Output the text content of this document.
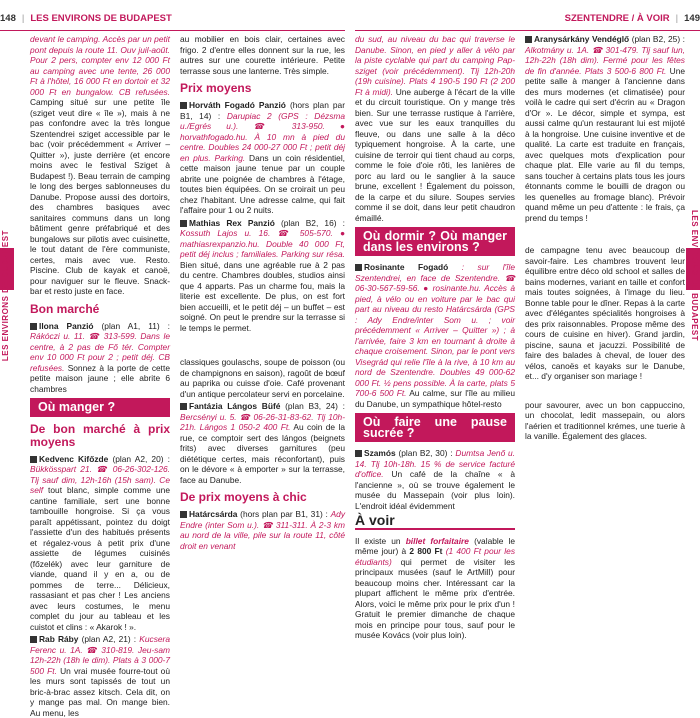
148 | LES ENVIRONS DE BUDAPEST	SZENTENDRE / À VOIR | 149
LES ENVIRONS DE BUDAPEST	LES ENVIRONS DE BUDAPEST

devant le camping. Accès par un petit pont depuis la route 11. Ouv juil-août. Pour 2 pers, compter env 12 000 Ft au camping avec une tente, 26 000 Ft à l'hôtel, 16 000 Ft en dortoir et 32 000 Ft en bungalow. CB refusées. Camping situé sur une petite île (sziget veut dire « île »), mais à ne pas confondre avec la très longue Szentendrei sziget accessible par le bac (voir précédemment « Arriver – Quitter »), juste derrière (et encore moins avec le festival Sziget à Budapest !). Beau terrain de camping le long des berges sablonneuses du Danube. Propose aussi des dortoirs, des chambres basiques avec sanitaires communs dans un long bâtiment genre préfabriqué et des bungalows sur pilotis avec cuisinette, le tout datant de l'ère communiste, certes, mais avec vue. Resto. Piscine. Club de kayak et canoë, pour naviguer sur le fleuve. Snack-bar et resto juste en face.

Bon marché

Ilona Panzió (plan A1, 11) : Rákóczi u. 11. ☎ 313-599. Dans le centre, à 2 pas de Fő tér. Compter env 10 000 Ft pour 2 ; petit déj. CB refusées. Sonnez à la porte de cette petite maison jaune ; elle abrite 6 chambres

Où manger ?
De bon marché à prix moyens

Kedvenc Kifőzde (plan A2, 20) : Bükkösspart 21. ☎ 06-26-302-126. Tlj sauf dim, 12h-16h (15h sam). Ce self tout blanc, simple comme une cantine familiale, sert une bonne tambouille hongroise. Si ça vous paraît appétissant, pointez du doigt l'assiette d'un des habitués présents et régalez-vous à petit prix d'une assiette de légumes cuisinés (főzelék) avec leur garniture de viande, quand il y en a, ou de pommes de terre... Délicieux, rassasiant et pas cher ! Les anciens avec leurs costumes, le menu complet du jour au tableau et les cuistot et clins : « Akarok ! ».

Rab Ráby (plan A2, 21) : Kucsera Ferenc u. 1A. ☎ 310-819. Jeu-sam 12h-22h (18h le dim). Plats à 3 000-7 500 Ft. Un vrai musée fourre-tout où les murs sont tapissés de tout un bric-à-brac assez kitsch. Cela dit, on y mange pas mal. On mange bien. Au menu, les

au mobilier en bois clair, certaines avec frigo. 2 d'entre elles donnent sur la rue, les autres sur une courette intérieure. Petite terrasse sous une lanterne. Très simple.

Prix moyens

Horváth Fogadó Panzió (hors plan par B1, 14) : Darupiac 2 (GPS : Dézsma u./Egrés u.). ☎ 313-950. ● horvathfogado.hu. À 10 mn à pied du centre. Doubles 24 000-27 000 Ft ; petit déj en plus. Parking. Dans un coin résidentiel, cette maison jaune tenue par un couple abrite une poignée de chambres à l'étage, toutes bien équipées. On se croirait un peu chez l'habitant. Une adresse calme, qui fait l'affaire pour 1 ou 2 nuits.

Mathias Rex Panzió (plan B2, 16) : Kossuth Lajos u. 16. ☎ 505-570. ● mathiasrexpanzio.hu. Double 40 000 Ft, petit déj inclus ; familiales. Parking sur résa. Bien situé, dans une agréable rue à 2 pas du centre. Chambres doubles, studios ainsi que 4 apparts. Pas un charme fou, mais la literie est excellente. De plus, on est fort bien accueilli, et le petit déj – un buffet – est soigné. On peut le prendre sur la terrasse si le temps le permet.

classiques goulaschs, soupe de poisson (ou de champignons en saison), ragoût de bœuf au paprika ou cuisse d'oie. Café provenant d'un antique percolateur servi en porcelaine.

Fantázia Lángos Büfé (plan B3, 24) : Bercsényi u. 5. ☎ 06-26-31-83-62. Tlj 10h-21h. Lángos 1 050-2 400 Ft. Au coin de la rue, ce comptoir sert des lángos (beignets frits) avec diverses garnitures (peu diététique certes, mais réconfortant), puis on le dévore « à emporter » sur la terrasse, face au Danube.

De prix moyens à chic

Határcsárda (hors plan par B1, 31) : Ady Endre (inter Som u.). ☎ 311-311. À 2-3 km au nord de la ville, pile sur la route 11, côté droit en venant

du sud, au niveau du bac qui traverse le Danube. Sinon, en pied y aller à vélo par la piste cyclable qui part du camping Pap-sziget (voir précédemment). Tlj 12h-20h (19h cuisine). Plats 4 190-5 190 Ft (2 200 Ft à midi). Une auberge à l'écart de la ville et du circuit touristique. On y mange très bien. Sur une terrasse rustique à l'arrière, avec vue sur les eaux tranquilles du fleuve, ou dans une salle à la déco typiquement hongroise. À la carte, une cuisine de terroir qui tient chaud au corps, comme le foie d'oie rôti, les lanières de porc au lard ou le sanglier à la sauce brune, excellent ! Également du poisson, de la carpe et du silure. Soupes servies comme il se doit, dans leur petit chaudron émaillé.

Où dormir ? Où manger dans les environs ?

Rosinante Fogadó : sur l'île Szentendrei, en face de Szentendre. ☎ 06-30-567-59-56. ● rosinante.hu. Accès à pied, à vélo ou en voiture par le bac qui part au niveau du resto Határcsárda (GPS : Ady Endre/inter Som u. ; voir précédemment « Arriver – Quitter ») ; à l'arrivée, faire 3 km en tournant à droite à chaque croisement. Sinon, par le pont vers Visegrád qui relie l'île à la rive, à 10 km au nord de Szentendre. Doubles 49 000-62 000 Ft. ½ pens possible. À la carte, plats 5 700-6 500 Ft. Au calme, sur l'île au milieu du Danube, un sympathique hôtel-resto

Où faire une pause sucrée ?

Szamós (plan B2, 30) : Dumtsa Jenő u. 14. Tlj 10h-18h. 15 % de service facturé d'office. Un café de la chaîne « à l'ancienne », où se trouve également le musée du Massepain (voir plus loin). L'endroit idéal évidemment

À voir

Il existe un billet forfaitaire (valable le même jour) à 2 800 Ft (1 400 Ft pour les étudiants) qui permet de visiter les principaux musées (sauf le ArtMill) pour beaucoup moins cher. Intéressant car la plupart affichent le même prix d'entrée. Alors, voici le même prix pour le prix d'un ! Gratuit le premier dimanche de chaque mois en principe pour tous, sauf pour le musée Kovács (voir plus loin).

Aranysárkány Vendéglő (plan B2, 25) : Alkotmány u. 1A. ☎ 301-479. Tlj sauf lun, 12h-22h (18h dim). Fermé pour les fêtes de fin d'année. Plats 3 500-6 800 Ft. Une petite salle à manger à l'ancienne dans des murs modernes (et climatisée) pour voilà le cadre qui sert d'écrin au « Dragon d'Or ». Le décor, simple et sympa, est aussi calme qu'un restaurant lui est mijoté à la hongroise. Une cuisine inventive et de qualité. La carte est traduite en français, avec quelques mots d'explication pour chaque plat. Elle varie au fil du temps, sans toucher à certains plats tous les jours étonnants comme le bouilli de dragon ou les quenelles au fromage blanc). Prévoir quand même un peu d'attente : le frais, ça prend du temps !

de campagne tenu avec beaucoup de savoir-faire. Les chambres trouvent leur équilibre entre déco old school et salles de bains modernes, variant en taille et confort mais toutes soignées, à l'image du lieu. Bonne table pour le dîner. Repas à la carte avec d'élégantes spécialités hongroises à des prix raisonnables. Propose même des cours de cuisine en hiver). Grand jardin, piscine, sauna et jacuzzi. Possibilité de faire des balades à cheval, de louer des vélos, canoës et kayaks sur le Danube, et... d'y organiser son mariage !

pour savourer, avec un bon cappuccino, un chocolat, ledit massepain, ou alors l'aérien et traditionnel krémes, une tuerie à la vanille. Également des glaces.
